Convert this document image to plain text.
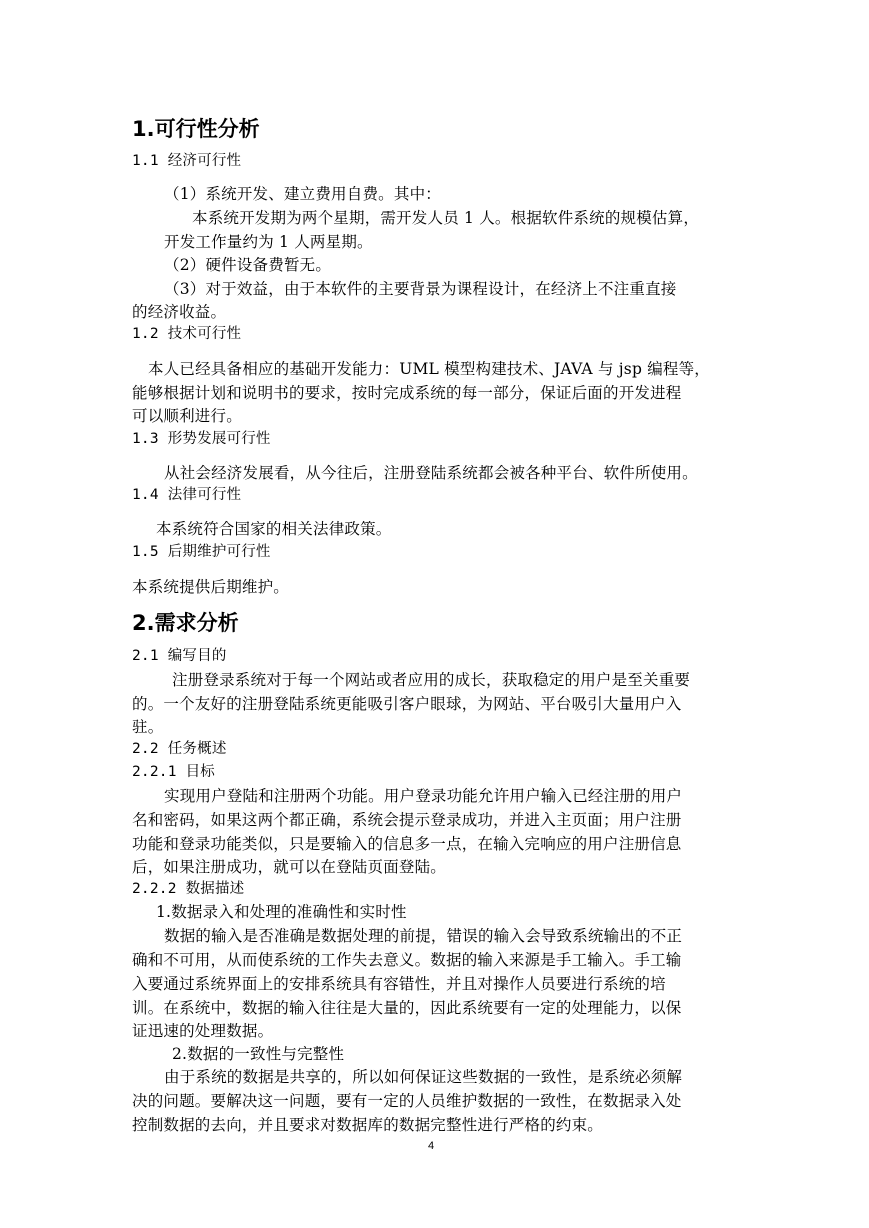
1.可行性分析
1.1 经济可行性
（1）系统开发、建立费用自费。其中：
本系统开发期为两个星期，需开发人员 1 人。根据软件系统的规模估算，
开发工作量约为 1 人两星期。
（2）硬件设备费暂无。
（3）对于效益，由于本软件的主要背景为课程设计，在经济上不注重直接
的经济收益。
1.2 技术可行性
本人已经具备相应的基础开发能力：UML 模型构建技术、JAVA 与 jsp 编程等，
能够根据计划和说明书的要求，按时完成系统的每一部分，保证后面的开发进程
可以顺利进行。
1.3 形势发展可行性
从社会经济发展看，从今往后，注册登陆系统都会被各种平台、软件所使用。
1.4 法律可行性
本系统符合国家的相关法律政策。
1.5 后期维护可行性
本系统提供后期维护。
2.需求分析
2.1 编写目的
注册登录系统对于每一个网站或者应用的成长，获取稳定的用户是至关重要
的。一个友好的注册登陆系统更能吸引客户眼球，为网站、平台吸引大量用户入
驻。
2.2 任务概述
2.2.1 目标
实现用户登陆和注册两个功能。用户登录功能允许用户输入已经注册的用户
名和密码，如果这两个都正确，系统会提示登录成功，并进入主页面；用户注册
功能和登录功能类似，只是要输入的信息多一点，在输入完响应的用户注册信息
后，如果注册成功，就可以在登陆页面登陆。
2.2.2 数据描述
1.数据录入和处理的准确性和实时性
数据的输入是否准确是数据处理的前提，错误的输入会导致系统输出的不正
确和不可用，从而使系统的工作失去意义。数据的输入来源是手工输入。手工输
入要通过系统界面上的安排系统具有容错性，并且对操作人员要进行系统的培
训。在系统中，数据的输入往往是大量的，因此系统要有一定的处理能力，以保
证迅速的处理数据。
2.数据的一致性与完整性
由于系统的数据是共享的，所以如何保证这些数据的一致性，是系统必须解
决的问题。要解决这一问题，要有一定的人员维护数据的一致性，在数据录入处
控制数据的去向，并且要求对数据库的数据完整性进行严格的约束。
4
